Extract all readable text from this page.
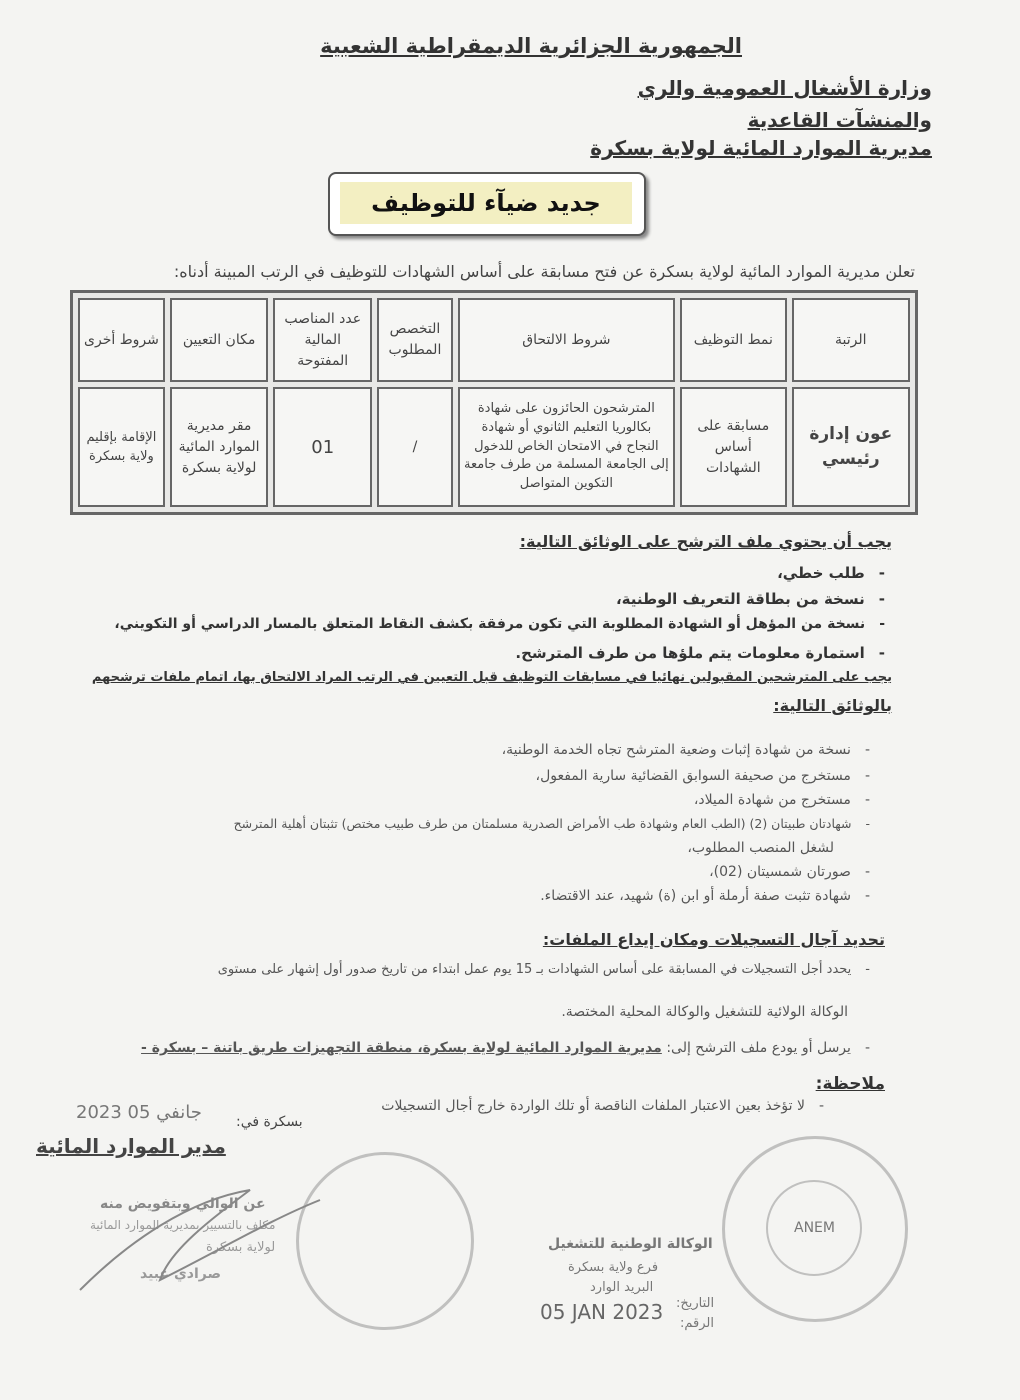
الجمهورية الجزائرية الديمقراطية الشعبية
وزارة الأشغال العمومية والري
والمنشآت القاعدية
مديرية الموارد المائية لولاية بسكرة
جديد ضيآء للتوظيف
تعلن مديرية الموارد المائية لولاية بسكرة عن فتح مسابقة على أساس الشهادات للتوظيف في الرتب المبينة أدناه:
الرتبة	نمط التوظيف	شروط الالتحاق	التخصص المطلوب	عدد المناصب المالية المفتوحة	مكان التعيين	شروط أخرى
عون إدارة رئيسي	مسابقة على أساس الشهادات	المترشحون الحائزون على شهادة بكالوريا التعليم الثانوي أو شهادة النجاح في الامتحان الخاص للدخول إلى الجامعة المسلمة من طرف جامعة التكوين المتواصل	/	01	مقر مديرية الموارد المائية لولاية بسكرة	الإقامة بإقليم ولاية بسكرة
يجب أن يحتوي ملف الترشح على الوثائق التالية:
-طلب خطي،
-نسخة من بطاقة التعريف الوطنية،
-نسخة من المؤهل أو الشهادة المطلوبة التي تكون مرفقة بكشف النقاط المتعلق بالمسار الدراسي أو التكويني،
-استمارة معلومات يتم ملؤها من طرف المترشح.
يجب على المترشحين المقبولين نهائيا في مسابقات التوظيف قبل التعيين في الرتب المراد الالتحاق بها، اتمام ملفات ترشحهم
بالوثائق التالية:
-نسخة من شهادة إثبات وضعية المترشح تجاه الخدمة الوطنية،
-مستخرج من صحيفة السوابق القضائية سارية المفعول،
-مستخرج من شهادة الميلاد،
-شهادتان طبيتان (2) (الطب العام وشهادة طب الأمراض الصدرية مسلمتان من طرف طبيب مختص) تثبتان أهلية المترشح
لشغل المنصب المطلوب،
-صورتان شمسيتان (02)،
-شهادة تثبت صفة أرملة أو ابن (ة) شهيد، عند الاقتضاء.
تحديد آجال التسجيلات ومكان إيداع الملفات:
-يحدد أجل التسجيلات في المسابقة على أساس الشهادات بـ 15 يوم عمل ابتداء من تاريخ صدور أول إشهار على مستوى
الوكالة الولائية للتشغيل والوكالة المحلية المختصة.
-يرسل أو يودع ملف الترشح إلى: مديرية الموارد المائية لولاية بسكرة، منطقة التجهيزات طريق باتنة – بسكرة -
ملاحظة:
-لا تؤخذ بعين الاعتبار الملفات الناقصة أو تلك الواردة خارج أجال التسجيلات
بسكرة في:
2023 جانفي 05
مدير الموارد المائية
عن الوالي وبتفويض منه
مكلف بالتسيير بمديرية الموارد المائية
لولاية بسكرة
صرادي عبيد
الوكالة الوطنية للتشغيل
فرع ولاية بسكرة
البريد الوارد
التاريخ:
05 JAN 2023 الرقم:
ANEM
